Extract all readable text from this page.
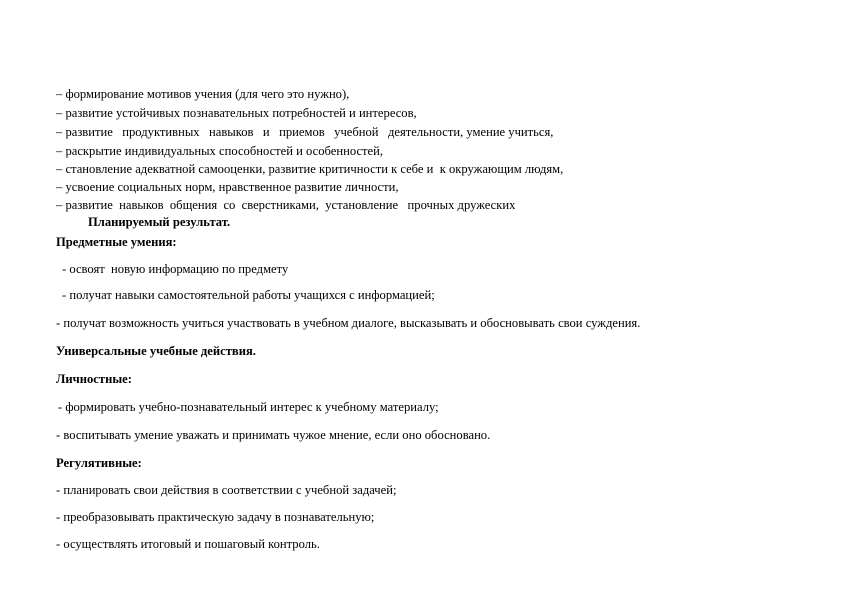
– формирование мотивов учения (для чего это нужно),
– развитие устойчивых познавательных потребностей и интересов,
– развитие   продуктивных   навыков   и   приемов   учебной   деятельности, умение учиться,
– раскрытие индивидуальных способностей и особенностей,
– становление адекватной самооценки, развитие критичности к себе и  к окружающим людям,
– усвоение социальных норм, нравственное развитие личности,
– развитие  навыков  общения  со  сверстниками,  установление   прочных дружеских
Планируемый результат.
Предметные умения:
- освоят  новую информацию по предмету
- получат навыки самостоятельной работы учащихся с информацией;
- получат возможность учиться участвовать в учебном диалоге, высказывать и обосновывать свои суждения.
Универсальные учебные действия.
Личностные:
- формировать учебно-познавательный интерес к учебному материалу;
- воспитывать умение уважать и принимать чужое мнение, если оно обосновано.
Регулятивные:
- планировать свои действия в соответствии с учебной задачей;
- преобразовывать практическую задачу в познавательную;
- осуществлять итоговый и пошаговый контроль.
